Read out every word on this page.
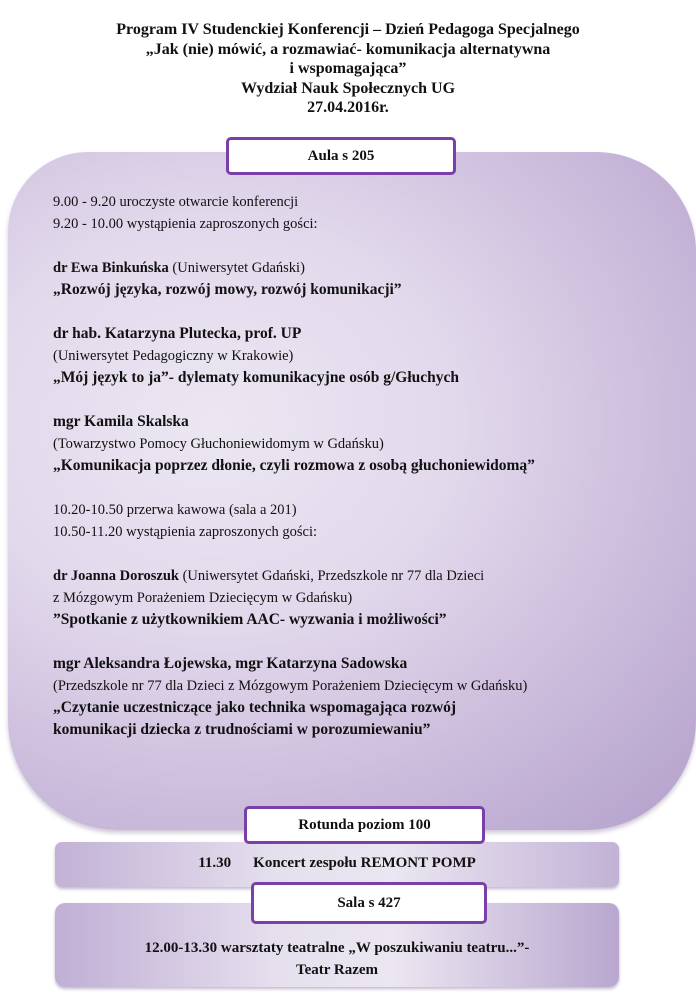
Program IV Studenckiej Konferencji – Dzień Pedagoga Specjalnego
„Jak (nie) mówić, a rozmawiać- komunikacja alternatywna
i wspomagająca”
Wydział Nauk Społecznych UG
27.04.2016r.
Aula s 205
9.00 - 9.20 uroczyste otwarcie konferencji
9.20 - 10.00 wystąpienia zaproszonych gości:
dr Ewa Binkuńska (Uniwersytet Gdański)
„Rozwój języka, rozwój mowy, rozwój komunikacji”
dr hab. Katarzyna Plutecka, prof. UP
(Uniwersytet Pedagogiczny w Krakowie)
„Mój język to ja”- dylematy komunikacyjne osób g/Głuchych
mgr Kamila Skalska
(Towarzystwo Pomocy Głuchoniewidomym w Gdańsku)
„Komunikacja poprzez dłonie, czyli rozmowa z osobą głuchoniewidomą”
10.20-10.50 przerwa kawowa (sala a 201)
10.50-11.20 wystąpienia zaproszonych gości:
dr Joanna Doroszuk (Uniwersytet Gdański, Przedszkole nr 77 dla Dzieci
z Mózgowym Porażeniem Dziecięcym w Gdańsku)
”Spotkanie z użytkownikiem AAC- wyzwania i możliwości”
mgr Aleksandra Łojewska, mgr Katarzyna Sadowska
(Przedszkole nr 77 dla Dzieci z Mózgowym Porażeniem Dziecięcym w Gdańsku)
„Czytanie uczestniczące jako technika wspomagająca rozwój
komunikacji dziecka z trudnościami w porozumiewaniu”
11.30 Koncert zespołu REMONT POMP
Rotunda poziom 100
12.00-13.30 warsztaty teatralne „W poszukiwaniu teatru...”-
Teatr Razem
Sala s 427
